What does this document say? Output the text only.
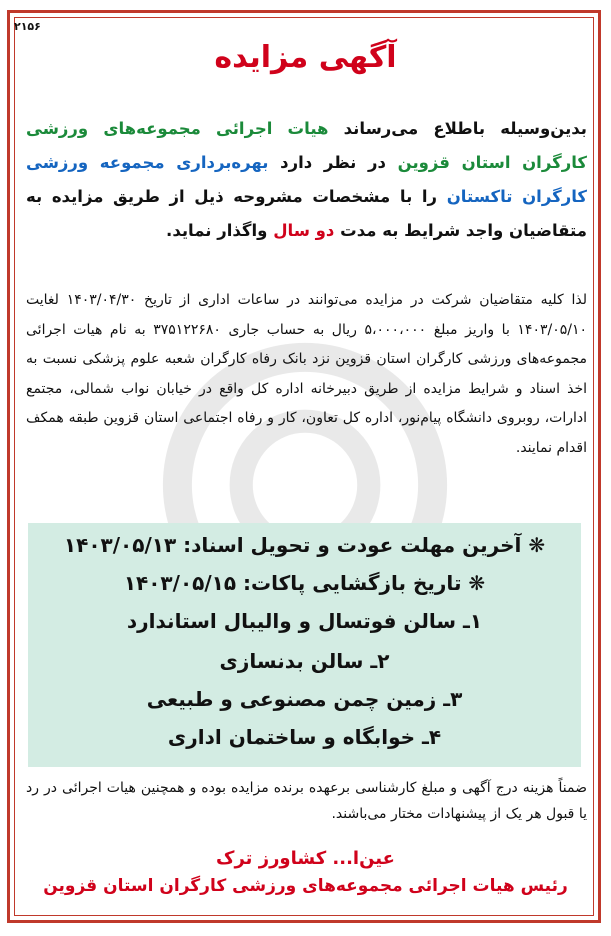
۲۱۵۶
آگهی مزایده
بدین‌وسیله باطلاع می‌رساند هیات اجرائی مجموعه‌های ورزشی کارگران استان قزوین در نظر دارد بهره‌برداری مجموعه ورزشی کارگران تاکستان را با مشخصات مشروحه ذیل از طریق مزایده به متقاضیان واجد شرایط به مدت دو سال واگذار نماید.
لذا کلیه متقاضیان شرکت در مزایده می‌توانند در ساعات اداری از تاریخ ۱۴۰۳/۰۴/۳۰ لغایت ۱۴۰۳/۰۵/۱۰ با واریز مبلغ ۵،۰۰۰،۰۰۰ ریال به حساب جاری ۳۷۵۱۲۲۶۸۰ به نام هیات اجرائی مجموعه‌های ورزشی کارگران استان قزوین نزد بانک رفاه کارگران شعبه علوم پزشکی نسبت به اخذ اسناد و شرایط مزایده از طریق دبیرخانه اداره کل واقع در خیابان نواب شمالی، مجتمع ادارات، روبروی دانشگاه پیام‌نور، اداره کل تعاون، کار و رفاه اجتماعی استان قزوین طبقه همکف اقدام نمایند.
❋ آخرین مهلت عودت و تحویل اسناد: ۱۴۰۳/۰۵/۱۳
❋ تاریخ بازگشایی پاکات: ۱۴۰۳/۰۵/۱۵
۱ـ سالن فوتسال و والیبال استاندارد
۲ـ سالن بدنسازی
۳ـ زمین چمن مصنوعی و طبیعی
۴ـ خوابگاه و ساختمان اداری
ضمناً هزینه درج آگهی و مبلغ کارشناسی برعهده برنده مزایده بوده و همچنین هیات اجرائی در رد یا قبول هر یک از پیشنهادات مختار می‌باشند.
عین‌ا... کشاورز ترک
رئیس هیات اجرائی مجموعه‌های ورزشی کارگران استان قزوین
